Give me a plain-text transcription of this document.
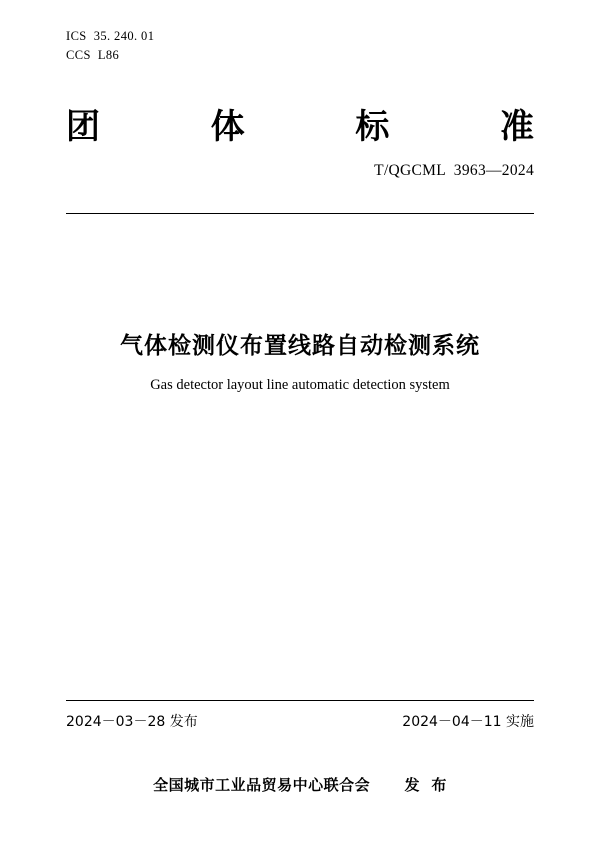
ICS  35. 240. 01
CCS  L86
团	体	标	准
T/QGCML  3963—2024
气体检测仪布置线路自动检测系统
Gas detector layout line automatic detection system
2024－03－28 发布	2024－04－11 实施
全国城市工业品贸易中心联合会      发  布
